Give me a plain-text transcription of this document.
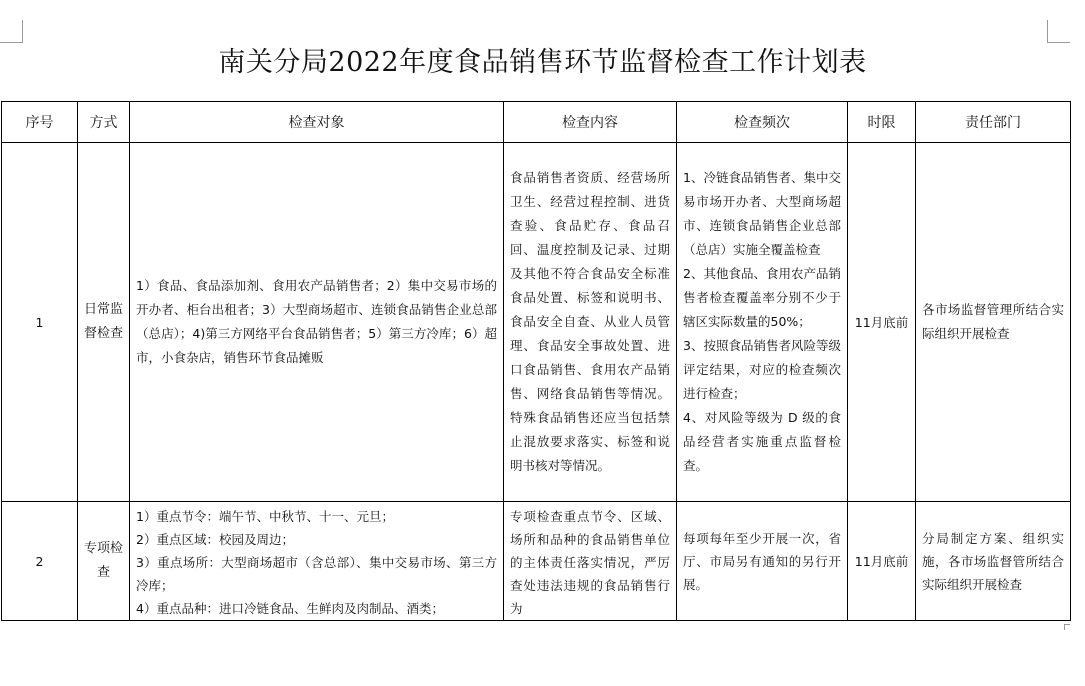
南关分局2022年度食品销售环节监督检查工作计划表
序号	方式	检查对象	检查内容	检查频次	时限	责任部门
1	日常监督检查	1）食品、食品添加剂、食用农产品销售者；2）集中交易市场的开办者、柜台出租者；3）大型商场超市、连锁食品销售企业总部（总店）；4)第三方网络平台食品销售者；5）第三方冷库；6）超市，小食杂店，销售环节食品摊贩	食品销售者资质、经营场所卫生、经营过程控制、进货查验、食品贮存、食品召回、温度控制及记录、过期及其他不符合食品安全标准食品处置、标签和说明书、食品安全自查、从业人员管理、食品安全事故处置、进口食品销售、食用农产品销售、网络食品销售等情况。特殊食品销售还应当包括禁止混放要求落实、标签和说明书核对等情况。	1、冷链食品销售者、集中交易市场开办者、大型商场超市、连锁食品销售企业总部（总店）实施全覆盖检查
2、其他食品、食用农产品销售者检查覆盖率分别不少于辖区实际数量的50%；
3、按照食品销售者风险等级评定结果，对应的检查频次进行检查；
4、对风险等级为 D 级的食品经营者实施重点监督检查。	11月底前	各市场监督管理所结合实际组织开展检查

2	专项检查	1）重点节令：端午节、中秋节、十一、元旦；
2）重点区域：校园及周边；
3）重点场所：大型商场超市（含总部）、集中交易市场、第三方冷库；
4）重点品种：进口冷链食品、生鲜肉及肉制品、酒类；	专项检查重点节令、区域、场所和品种的食品销售单位的主体责任落实情况，严厉查处违法违规的食品销售行为	每项每年至少开展一次，省厅、市局另有通知的另行开展。	11月底前	分局制定方案、组织实施，各市场监督管所结合实际组织开展检查
